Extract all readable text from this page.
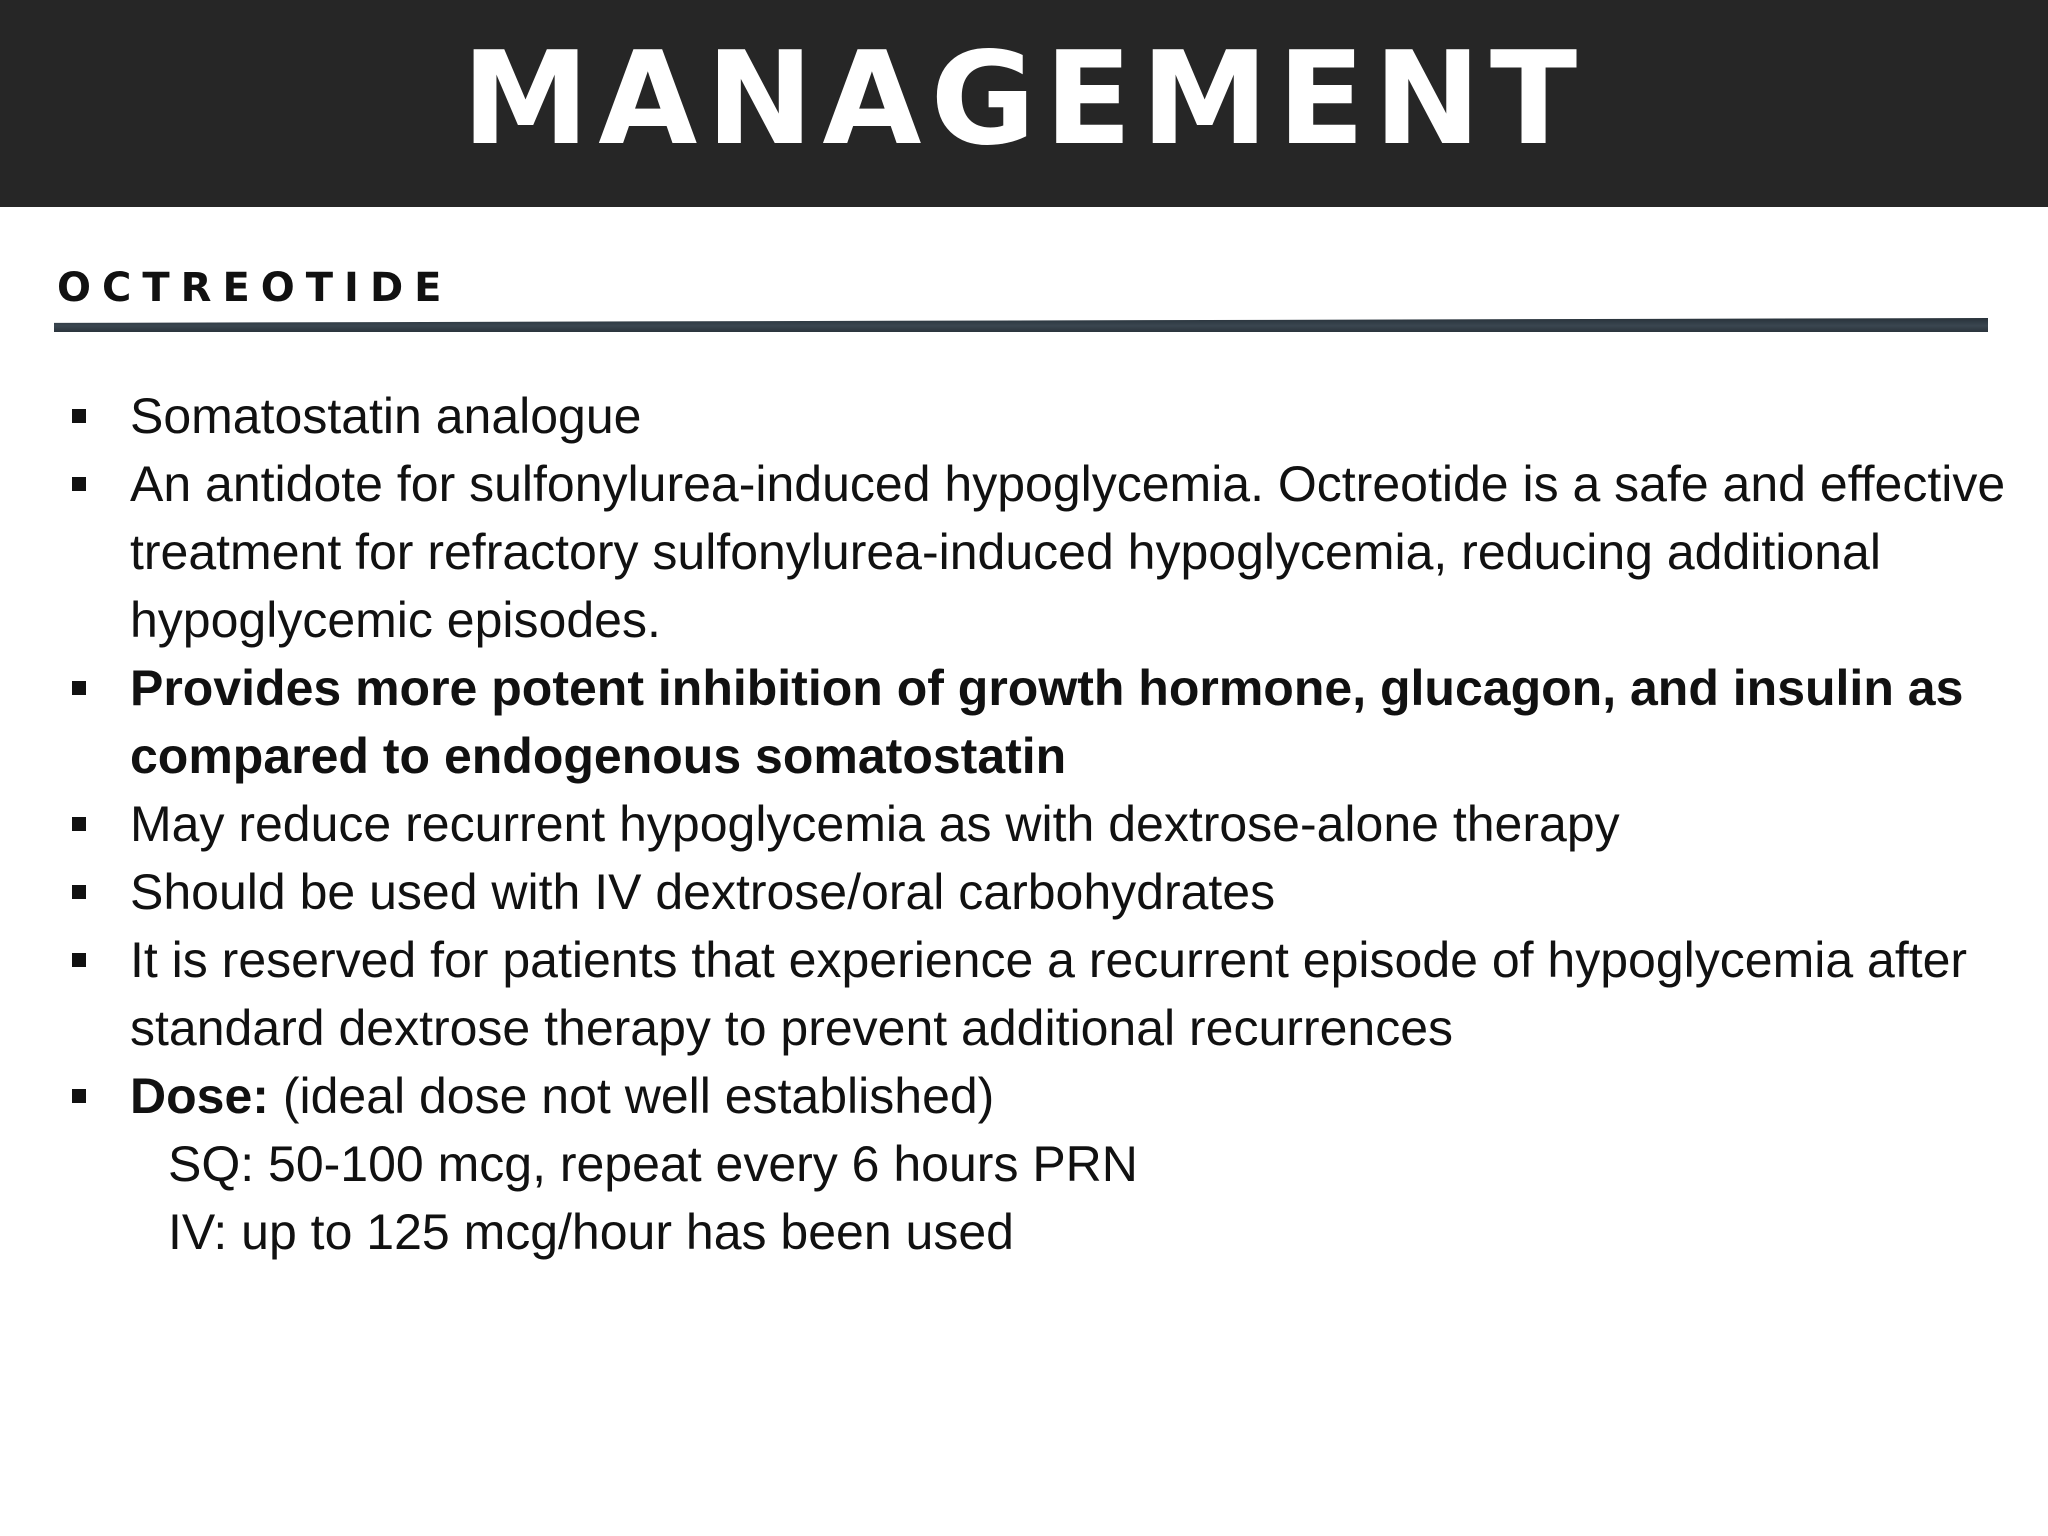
MANAGEMENT
OCTREOTIDE
Somatostatin analogue
An antidote for sulfonylurea-induced hypoglycemia. Octreotide is a safe and effective treatment for refractory sulfonylurea-induced hypoglycemia, reducing additional hypoglycemic episodes.
Provides more potent inhibition of growth hormone, glucagon, and insulin as compared to endogenous somatostatin
May reduce recurrent hypoglycemia as with dextrose-alone therapy
Should be used with IV dextrose/oral carbohydrates
It is reserved for patients that experience a recurrent episode of hypoglycemia after standard dextrose therapy to prevent additional recurrences
Dose: (ideal dose not well established)
SQ: 50-100 mcg, repeat every 6 hours PRN
IV: up to 125 mcg/hour has been used
